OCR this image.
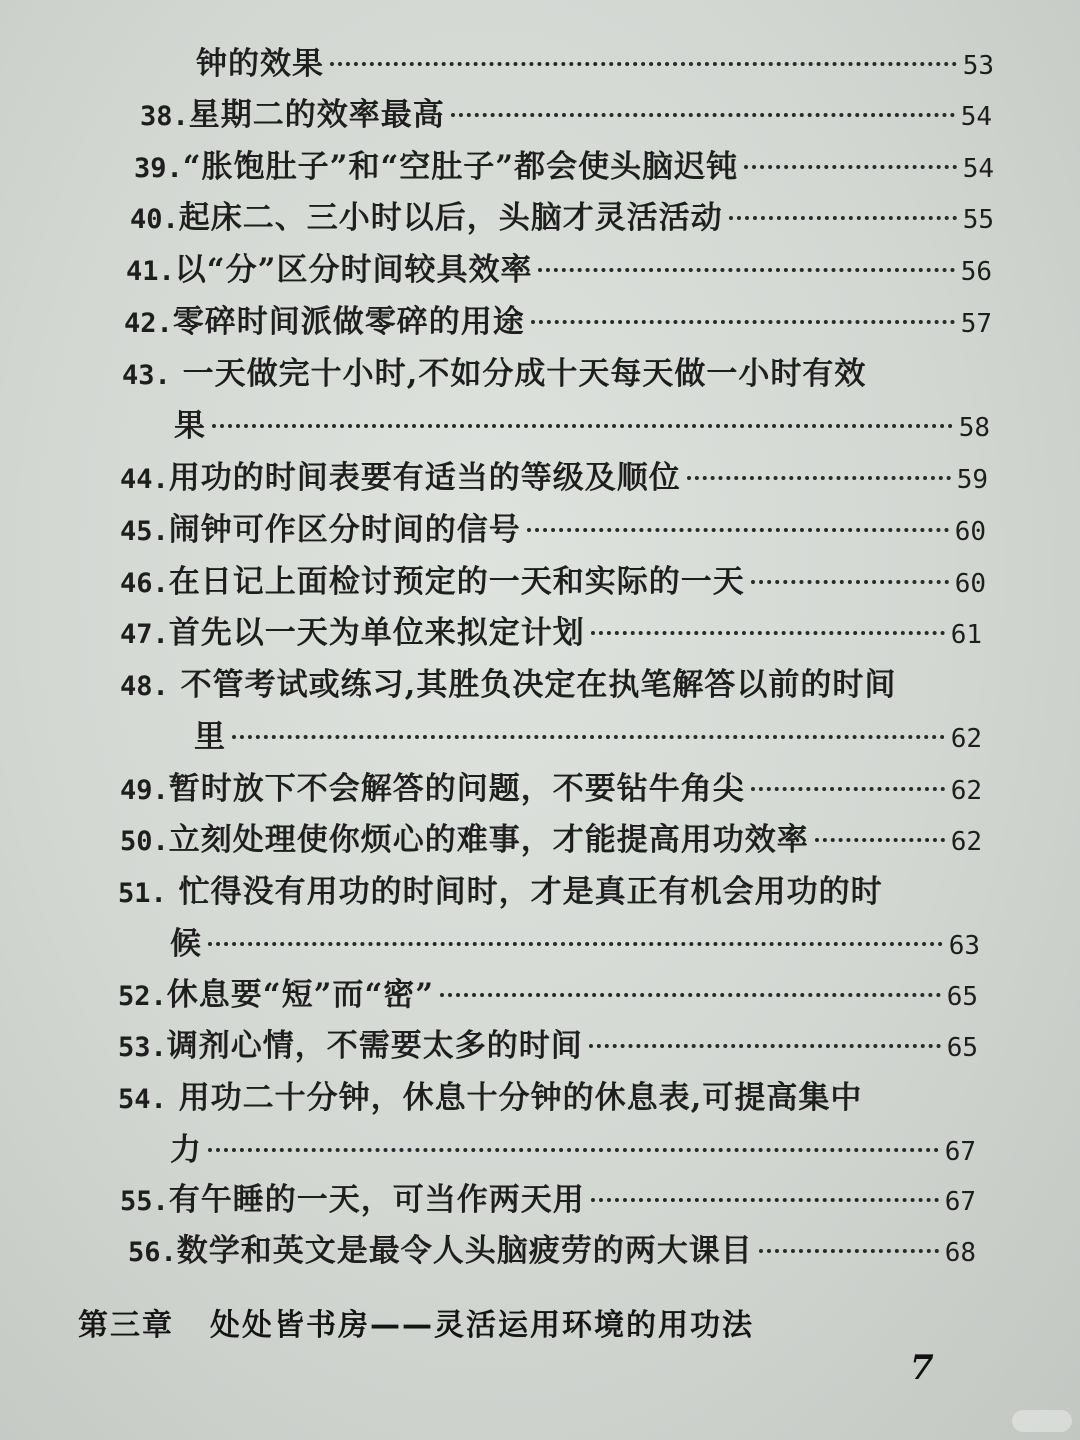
钟的效果	53
38. 星期二的效率最高	54
39. “胀饱肚子”和“空肚子”都会使头脑迟钝	54
40. 起床二、三小时以后，头脑才灵活活动	55
41. 以“分”区分时间较具效率	56
42. 零碎时间派做零碎的用途	57
43. 一天做完十小时,不如分成十天每天做一小时有效
果	58
44. 用功的时间表要有适当的等级及顺位	59
45. 闹钟可作区分时间的信号	60
46. 在日记上面检讨预定的一天和实际的一天	60
47. 首先以一天为单位来拟定计划	61
48. 不管考试或练习,其胜负决定在执笔解答以前的时间
里	62
49. 暂时放下不会解答的问题，不要钻牛角尖	62
50. 立刻处理使你烦心的难事，才能提高用功效率	62
51. 忙得没有用功的时间时，才是真正有机会用功的时
候	63
52. 休息要“短”而“密”	65
53. 调剂心情，不需要太多的时间	65
54. 用功二十分钟，休息十分钟的休息表,可提高集中
力	67
55. 有午睡的一天，可当作两天用	67
56. 数学和英文是最令人头脑疲劳的两大课目	68
第三章 处处皆书房——灵活运用环境的用功法
7
